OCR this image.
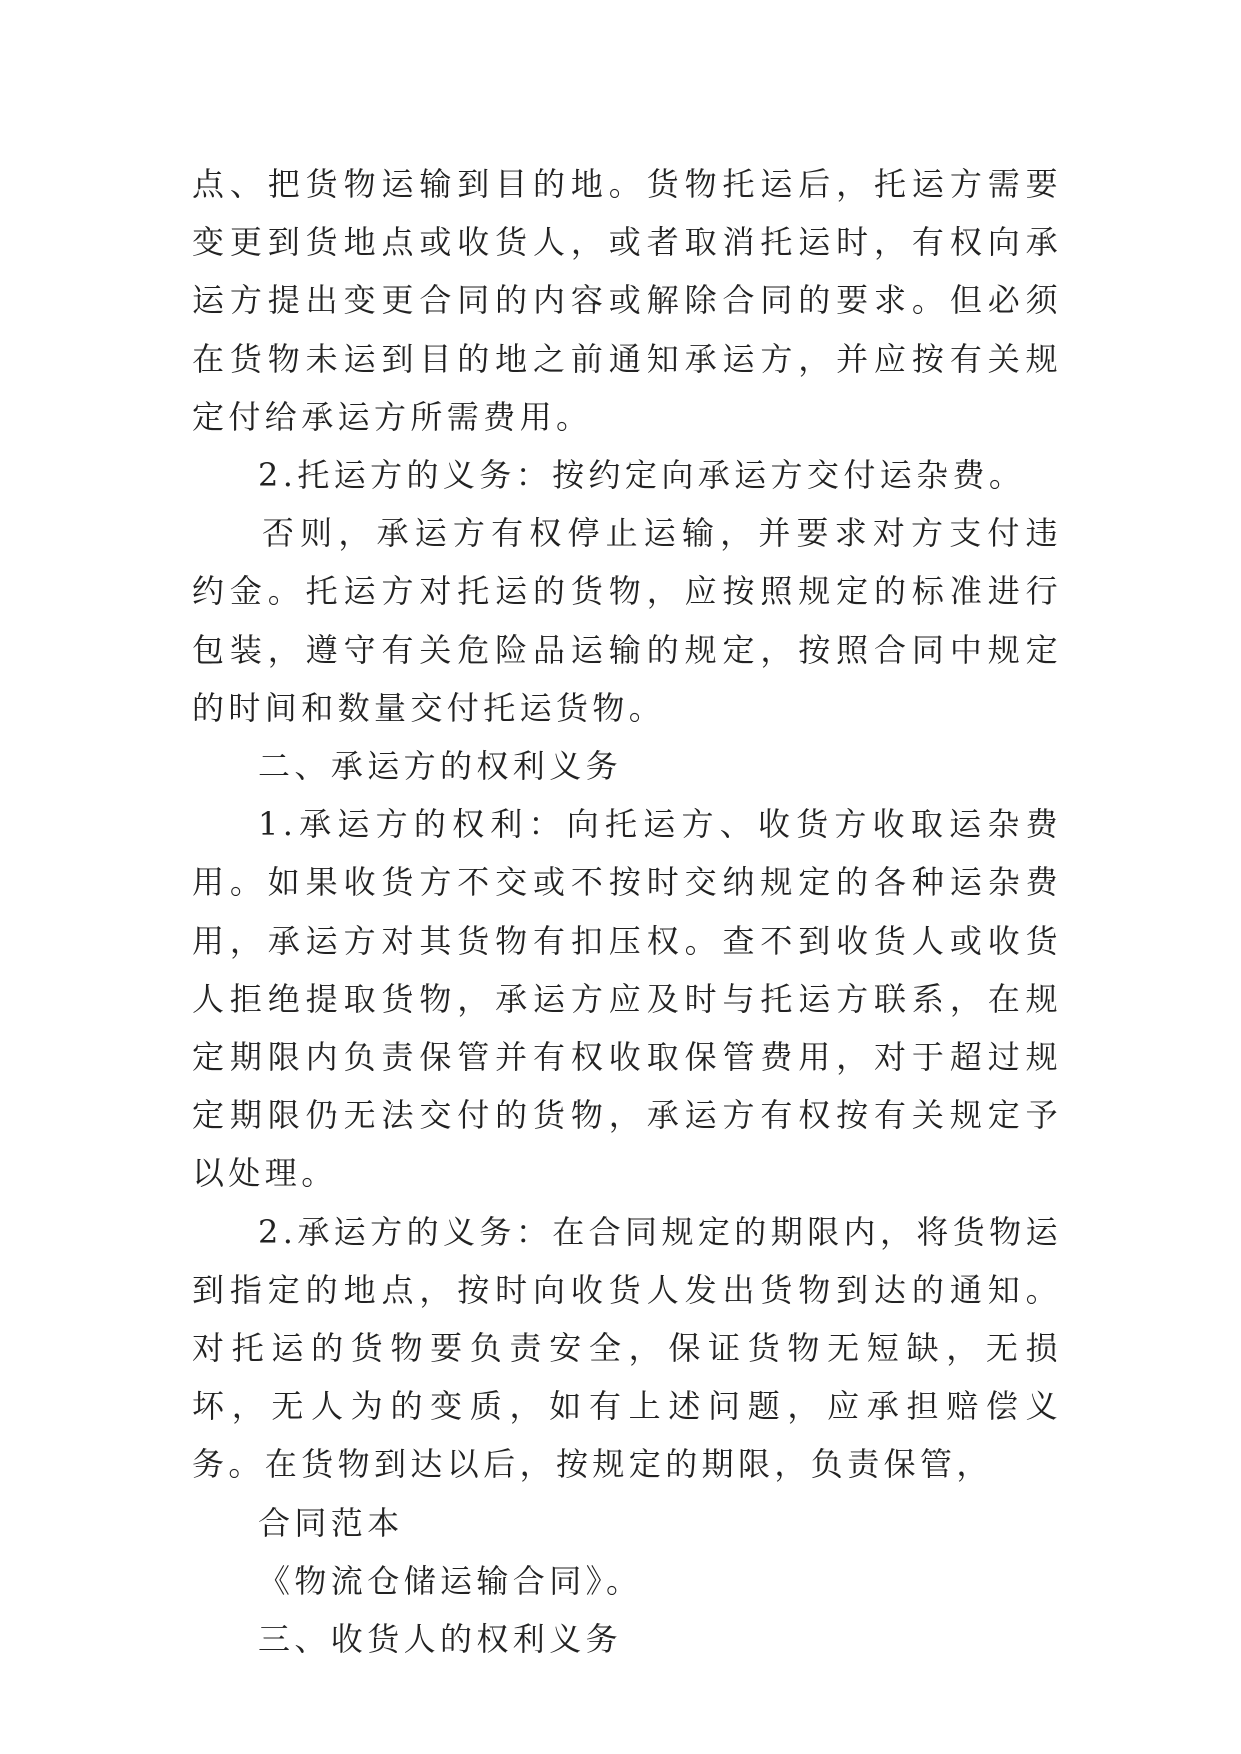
点、把货物运输到目的地。货物托运后，托运方需要变更到货地点或收货人，或者取消托运时，有权向承运方提出变更合同的内容或解除合同的要求。但必须在货物未运到目的地之前通知承运方，并应按有关规定付给承运方所需费用。

2.托运方的义务：按约定向承运方交付运杂费。

否则，承运方有权停止运输，并要求对方支付违约金。托运方对托运的货物，应按照规定的标准进行包装，遵守有关危险品运输的规定，按照合同中规定的时间和数量交付托运货物。

二、承运方的权利义务

1.承运方的权利：向托运方、收货方收取运杂费用。如果收货方不交或不按时交纳规定的各种运杂费用，承运方对其货物有扣压权。查不到收货人或收货人拒绝提取货物，承运方应及时与托运方联系，在规定期限内负责保管并有权收取保管费用，对于超过规定期限仍无法交付的货物，承运方有权按有关规定予以处理。

2.承运方的义务：在合同规定的期限内，将货物运到指定的地点，按时向收货人发出货物到达的通知。对托运的货物要负责安全，保证货物无短缺，无损坏，无人为的变质，如有上述问题，应承担赔偿义务。在货物到达以后，按规定的期限，负责保管，

合同范本

《物流仓储运输合同》。

三、收货人的权利义务
